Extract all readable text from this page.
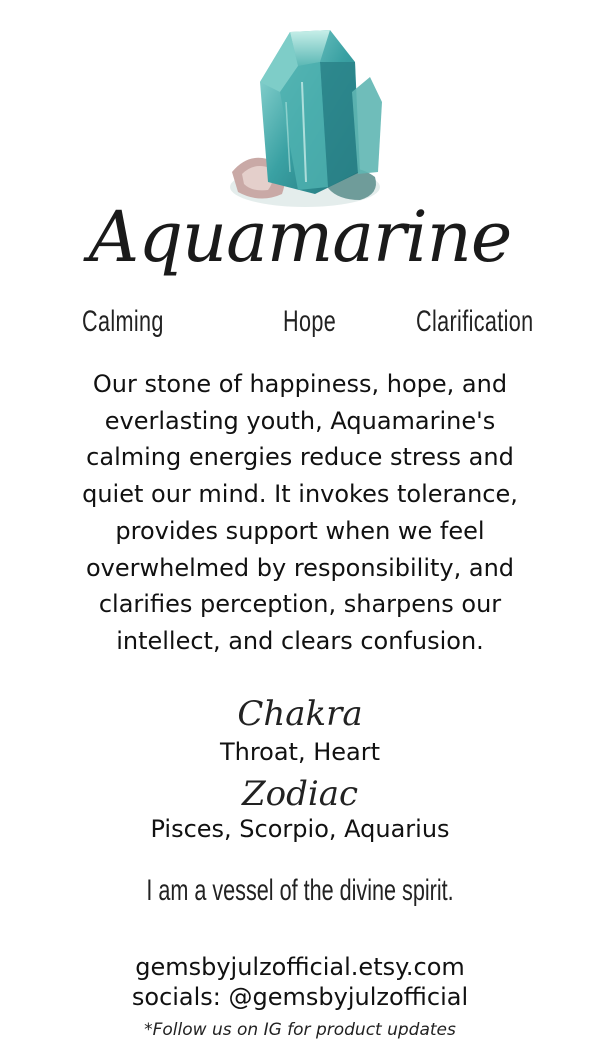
Aquamarine
Calming	Hope	Clarification
Our stone of happiness, hope, and everlasting youth, Aquamarine's calming energies reduce stress and quiet our mind. It invokes tolerance, provides support when we feel overwhelmed by responsibility, and clarifies perception, sharpens our intellect, and clears confusion.
Chakra
Throat, Heart
Zodiac
Pisces, Scorpio, Aquarius
I am a vessel of the divine spirit.
gemsbyjulzofficial.etsy.com
socials: @gemsbyjulzofficial
*Follow us on IG for product updates
